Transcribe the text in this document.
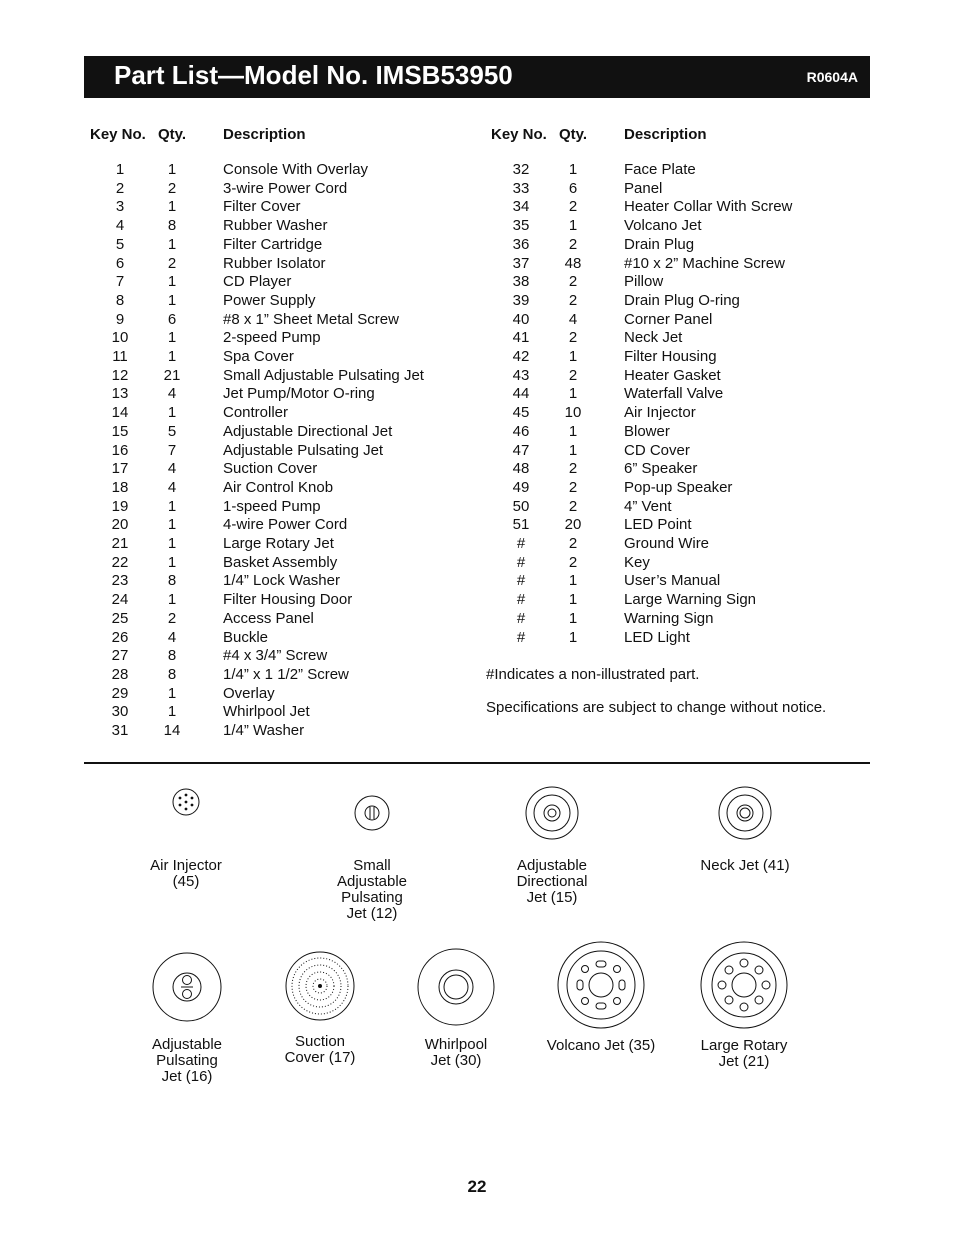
Part List—Model No. IMSB53950	R0604A
Key No. Qty. Description
1	1	Console With Overlay
2	2	3-wire Power Cord
3	1	Filter Cover
4	8	Rubber Washer
5	1	Filter Cartridge
6	2	Rubber Isolator
7	1	CD Player
8	1	Power Supply
9	6	#8 x 1” Sheet Metal Screw
10	1	2-speed Pump
11	1	Spa Cover
12	21	Small Adjustable Pulsating Jet
13	4	Jet Pump/Motor O-ring
14	1	Controller
15	5	Adjustable Directional Jet
16	7	Adjustable Pulsating Jet
17	4	Suction Cover
18	4	Air Control Knob
19	1	1-speed Pump
20	1	4-wire Power Cord
21	1	Large Rotary Jet
22	1	Basket Assembly
23	8	1/4” Lock Washer
24	1	Filter Housing Door
25	2	Access Panel
26	4	Buckle
27	8	#4 x 3/4” Screw
28	8	1/4” x 1 1/2” Screw
29	1	Overlay
30	1	Whirlpool Jet
31	14	1/4” Washer
Key No. Qty. Description
32	1	Face Plate
33	6	Panel
34	2	Heater Collar With Screw
35	1	Volcano Jet
36	2	Drain Plug
37	48	#10 x 2” Machine Screw
38	2	Pillow
39	2	Drain Plug O-ring
40	4	Corner Panel
41	2	Neck Jet
42	1	Filter Housing
43	2	Heater Gasket
44	1	Waterfall Valve
45	10	Air Injector
46	1	Blower
47	1	CD Cover
48	2	6” Speaker
49	2	Pop-up Speaker
50	2	4” Vent
51	20	LED Point
#	2	Ground Wire
#	2	Key
#	1	User’s Manual
#	1	Large Warning Sign
#	1	Warning Sign
#	1	LED Light
#Indicates a non-illustrated part.
Specifications are subject to change without notice.
Air Injector
(45)
Small
Adjustable
Pulsating
Jet (12)
Adjustable
Directional
Jet (15)
Neck Jet (41)
Adjustable
Pulsating
Jet (16)
Suction
Cover (17)
Whirlpool
Jet (30)
Volcano Jet (35)	Large Rotary
Jet (21)
22
